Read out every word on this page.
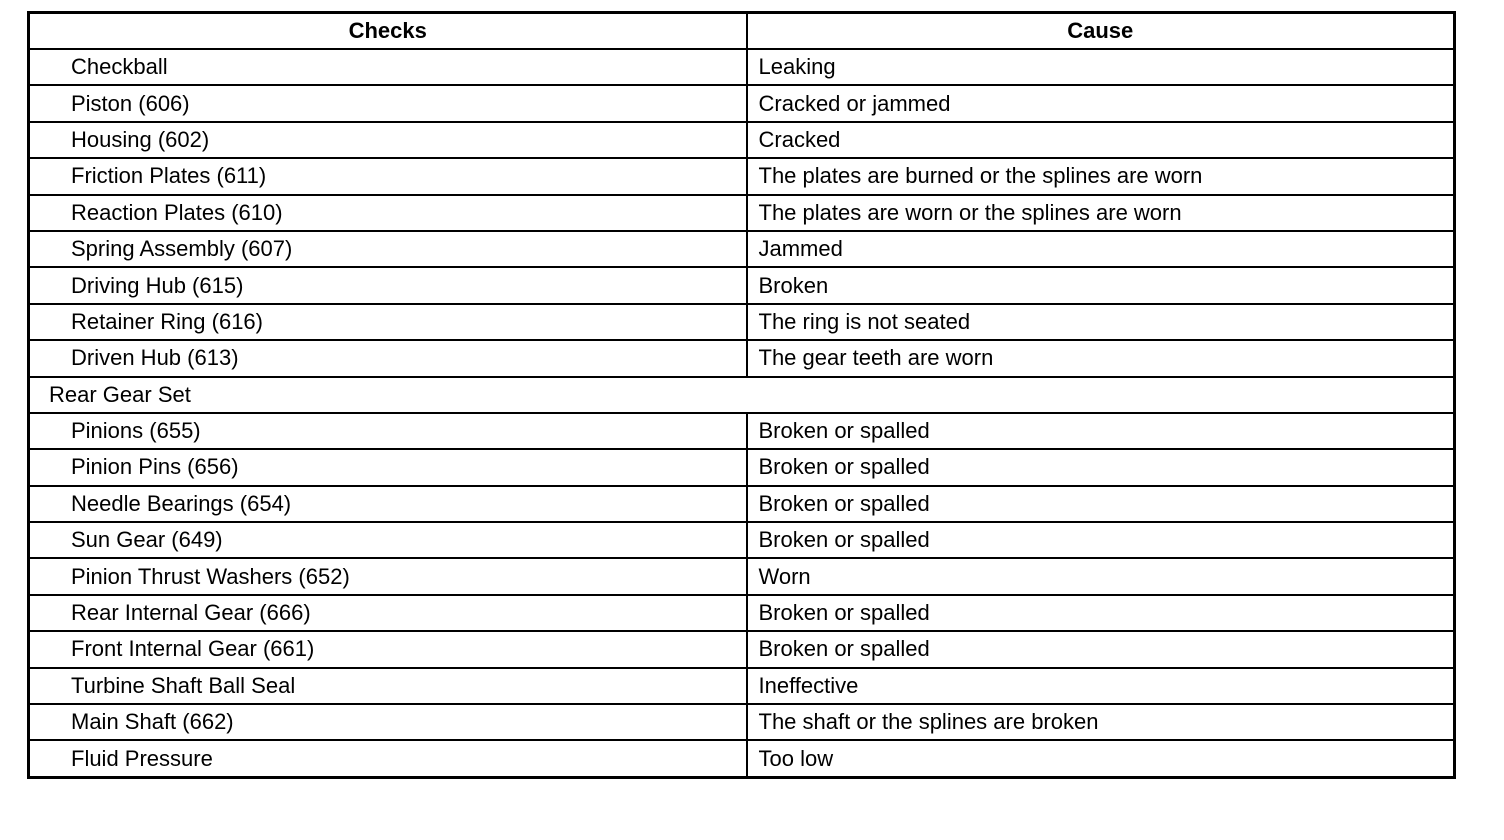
Checks	Cause
Checkball	Leaking
Piston (606)	Cracked or jammed
Housing (602)	Cracked
Friction Plates (611)	The plates are burned or the splines are worn
Reaction Plates (610)	The plates are worn or the splines are worn
Spring Assembly (607)	Jammed
Driving Hub (615)	Broken
Retainer Ring (616)	The ring is not seated
Driven Hub (613)	The gear teeth are worn
Rear Gear Set	
Pinions (655)	Broken or spalled
Pinion Pins (656)	Broken or spalled
Needle Bearings (654)	Broken or spalled
Sun Gear (649)	Broken or spalled
Pinion Thrust Washers (652)	Worn
Rear Internal Gear (666)	Broken or spalled
Front Internal Gear (661)	Broken or spalled
Turbine Shaft Ball Seal	Ineffective
Main Shaft (662)	The shaft or the splines are broken
Fluid Pressure	Too low
